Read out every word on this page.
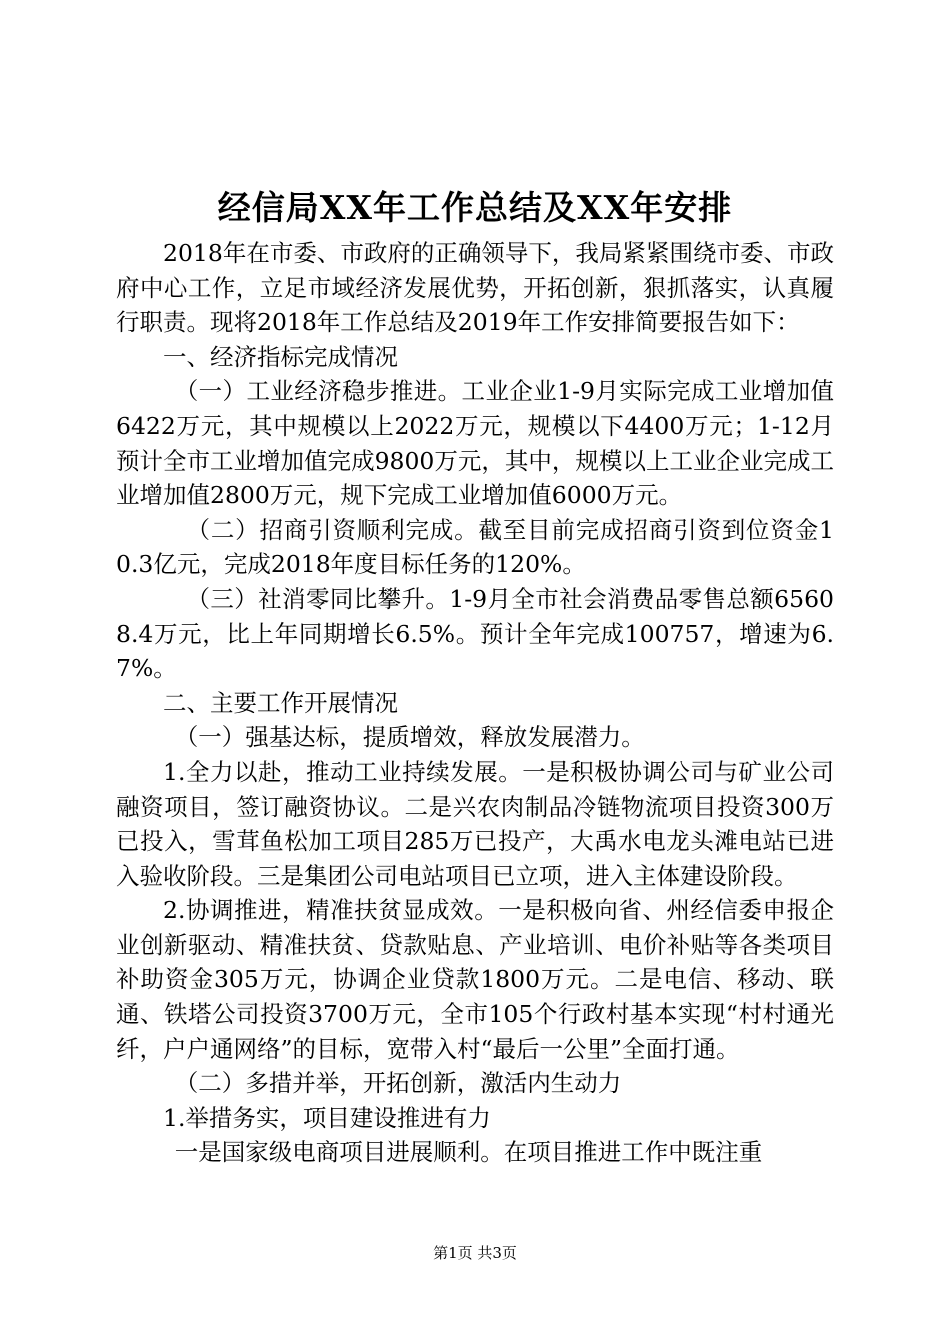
经信局XX年工作总结及XX年安排

2018年在市委、市政府的正确领导下，我局紧紧围绕市委、市政府中心工作，立足市域经济发展优势，开拓创新，狠抓落实，认真履行职责。现将2018年工作总结及2019年工作安排简要报告如下：

一、经济指标完成情况

（一）工业经济稳步推进。工业企业1-9月实际完成工业增加值6422万元，其中规模以上2022万元，规模以下4400万元；1-12月预计全市工业增加值完成9800万元，其中，规模以上工业企业完成工业增加值2800万元，规下完成工业增加值6000万元。

（二）招商引资顺利完成。截至目前完成招商引资到位资金10.3亿元，完成2018年度目标任务的120%。

（三）社消零同比攀升。1-9月全市社会消费品零售总额65608.4万元，比上年同期增长6.5%。预计全年完成100757，增速为6.7%。

二、主要工作开展情况

（一）强基达标，提质增效，释放发展潜力。

1.全力以赴，推动工业持续发展。一是积极协调公司与矿业公司融资项目，签订融资协议。二是兴农肉制品冷链物流项目投资300万已投入，雪茸鱼松加工项目285万已投产，大禹水电龙头滩电站已进入验收阶段。三是集团公司电站项目已立项，进入主体建设阶段。

2.协调推进，精准扶贫显成效。一是积极向省、州经信委申报企业创新驱动、精准扶贫、贷款贴息、产业培训、电价补贴等各类项目补助资金305万元，协调企业贷款1800万元。二是电信、移动、联通、铁塔公司投资3700万元，全市105个行政村基本实现“村村通光纤，户户通网络”的目标，宽带入村“最后一公里”全面打通。

（二）多措并举，开拓创新，激活内生动力

1.举措务实，项目建设推进有力

一是国家级电商项目进展顺利。在项目推进工作中既注重

第1页 共3页
